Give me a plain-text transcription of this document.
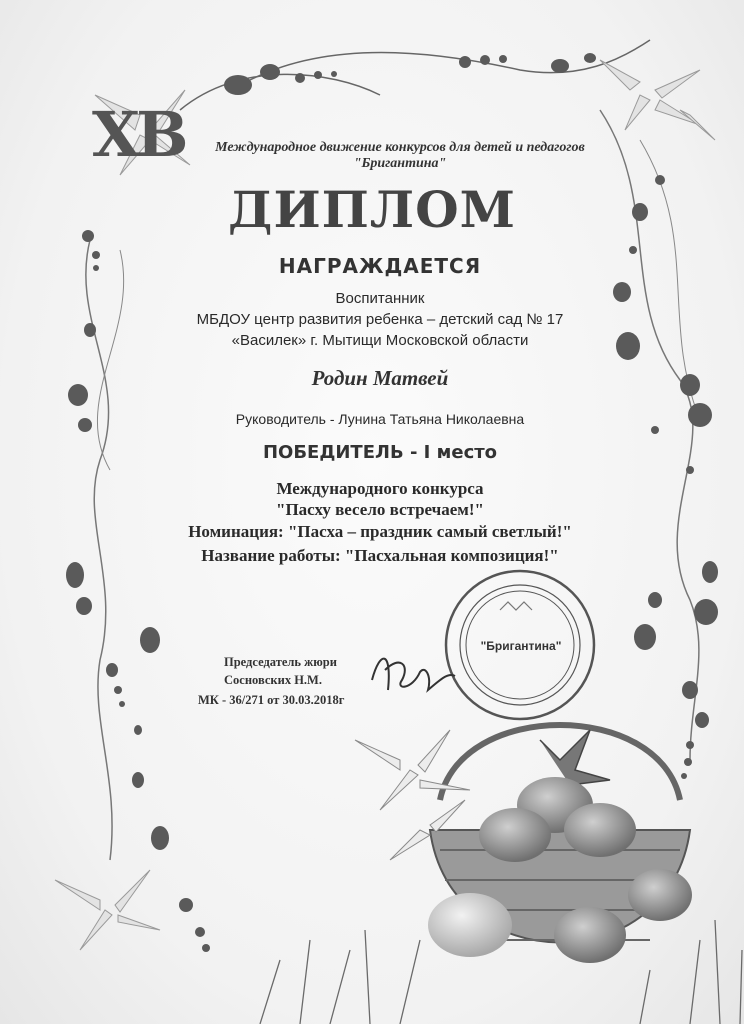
ХВ	Международное движение конкурсов для детей и педагогов
"Бригантина"
ДИПЛОМ
НАГРАЖДАЕТСЯ
Воспитанник
МБДОУ центр развития ребенка – детский сад № 17
«Василек» г. Мытищи Московской области
Родин Матвей
Руководитель - Лунина Татьяна Николаевна
ПОБЕДИТЕЛЬ - I место
Международного конкурса
"Пасху весело встречаем!"
Номинация: "Пасха – праздник самый светлый!"
Название работы: "Пасхальная композиция!"
Председатель жюри
Сосновских Н.М.
МК - 36/271 от 30.03.2018г
"Бригантина"
